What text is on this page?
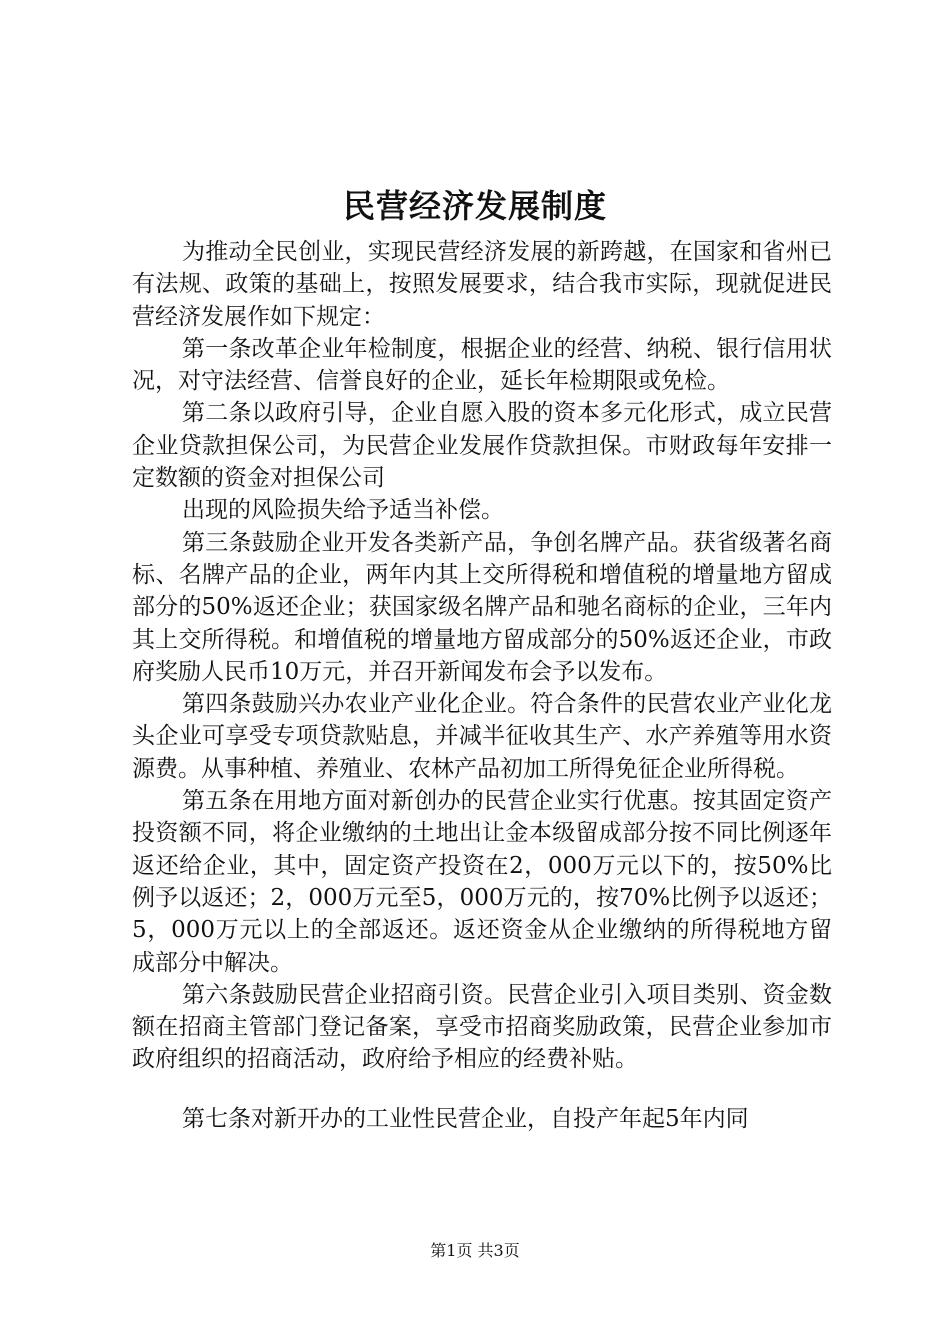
民营经济发展制度

为推动全民创业，实现民营经济发展的新跨越，在国家和省州已有法规、政策的基础上，按照发展要求，结合我市实际，现就促进民营经济发展作如下规定：

第一条改革企业年检制度，根据企业的经营、纳税、银行信用状况，对守法经营、信誉良好的企业，延长年检期限或免检。

第二条以政府引导，企业自愿入股的资本多元化形式，成立民营企业贷款担保公司，为民营企业发展作贷款担保。市财政每年安排一定数额的资金对担保公司

出现的风险损失给予适当补偿。

第三条鼓励企业开发各类新产品，争创名牌产品。获省级著名商标、名牌产品的企业，两年内其上交所得税和增值税的增量地方留成部分的50%返还企业；获国家级名牌产品和驰名商标的企业，三年内其上交所得税。和增值税的增量地方留成部分的50%返还企业，市政府奖励人民币10万元，并召开新闻发布会予以发布。

第四条鼓励兴办农业产业化企业。符合条件的民营农业产业化龙头企业可享受专项贷款贴息，并减半征收其生产、水产养殖等用水资源费。从事种植、养殖业、农林产品初加工所得免征企业所得税。

第五条在用地方面对新创办的民营企业实行优惠。按其固定资产投资额不同，将企业缴纳的土地出让金本级留成部分按不同比例逐年返还给企业，其中，固定资产投资在2，000万元以下的，按50%比例予以返还；2，000万元至5，000万元的，按70%比例予以返还；5，000万元以上的全部返还。返还资金从企业缴纳的所得税地方留成部分中解决。

第六条鼓励民营企业招商引资。民营企业引入项目类别、资金数额在招商主管部门登记备案，享受市招商奖励政策，民营企业参加市政府组织的招商活动，政府给予相应的经费补贴。

第七条对新开办的工业性民营企业，自投产年起5年内同

第1页 共3页
